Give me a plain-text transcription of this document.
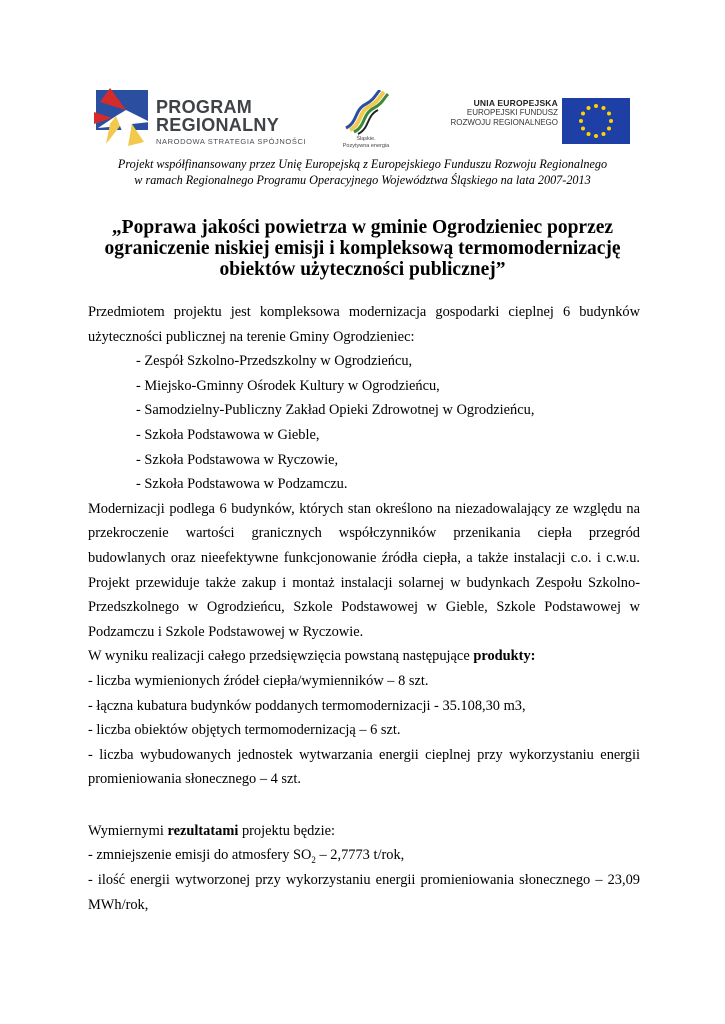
PROGRAM
REGIONALNY
NARODOWA STRATEGIA SPÓJNOŚCI	Śląskie.
Pozytywna energia
UNIA EUROPEJSKA
EUROPEJSKI FUNDUSZ
ROZWOJU REGIONALNEGO
Projekt współfinansowany przez Unię Europejską z Europejskiego Funduszu Rozwoju Regionalnego
w ramach Regionalnego Programu Operacyjnego Województwa Śląskiego na lata 2007-2013
„Poprawa jakości powietrza w gminie Ogrodzieniec poprzez
ograniczenie niskiej emisji i kompleksową termomodernizację
obiektów użyteczności publicznej”
Przedmiotem projektu jest kompleksowa modernizacja gospodarki cieplnej 6 budynków
użyteczności publicznej na terenie Gminy Ogrodzieniec:
- Zespół Szkolno-Przedszkolny w Ogrodzieńcu,
- Miejsko-Gminny Ośrodek Kultury w Ogrodzieńcu,
- Samodzielny-Publiczny Zakład Opieki Zdrowotnej w Ogrodzieńcu,
- Szkoła Podstawowa w Gieble,
- Szkoła Podstawowa w Ryczowie,
- Szkoła Podstawowa w Podzamczu.
Modernizacji podlega 6 budynków, których stan określono na niezadowalający ze względu na
przekroczenie wartości granicznych współczynników przenikania ciepła przegród
budowlanych oraz nieefektywne funkcjonowanie źródła ciepła, a także instalacji c.o. i c.w.u.
Projekt przewiduje także zakup i montaż instalacji solarnej w budynkach Zespołu Szkolno-
Przedszkolnego w Ogrodzieńcu, Szkole Podstawowej w Gieble, Szkole Podstawowej w
Podzamczu i Szkole Podstawowej w Ryczowie.
W wyniku realizacji całego przedsięwzięcia powstaną następujące produkty:
- liczba wymienionych źródeł ciepła/wymienników – 8 szt.
- łączna kubatura budynków poddanych termomodernizacji - 35.108,30 m3,
- liczba obiektów objętych termomodernizacją – 6 szt.
- liczba wybudowanych jednostek wytwarzania energii cieplnej przy wykorzystaniu energii
promieniowania słonecznego – 4 szt.
Wymiernymi rezultatami projektu będzie:
- zmniejszenie emisji do atmosfery $SO_2 - 2,7773$ t/rok,
- ilość energii wytworzonej przy wykorzystaniu energii promieniowania słonecznego – 23,09
MWh/rok,
